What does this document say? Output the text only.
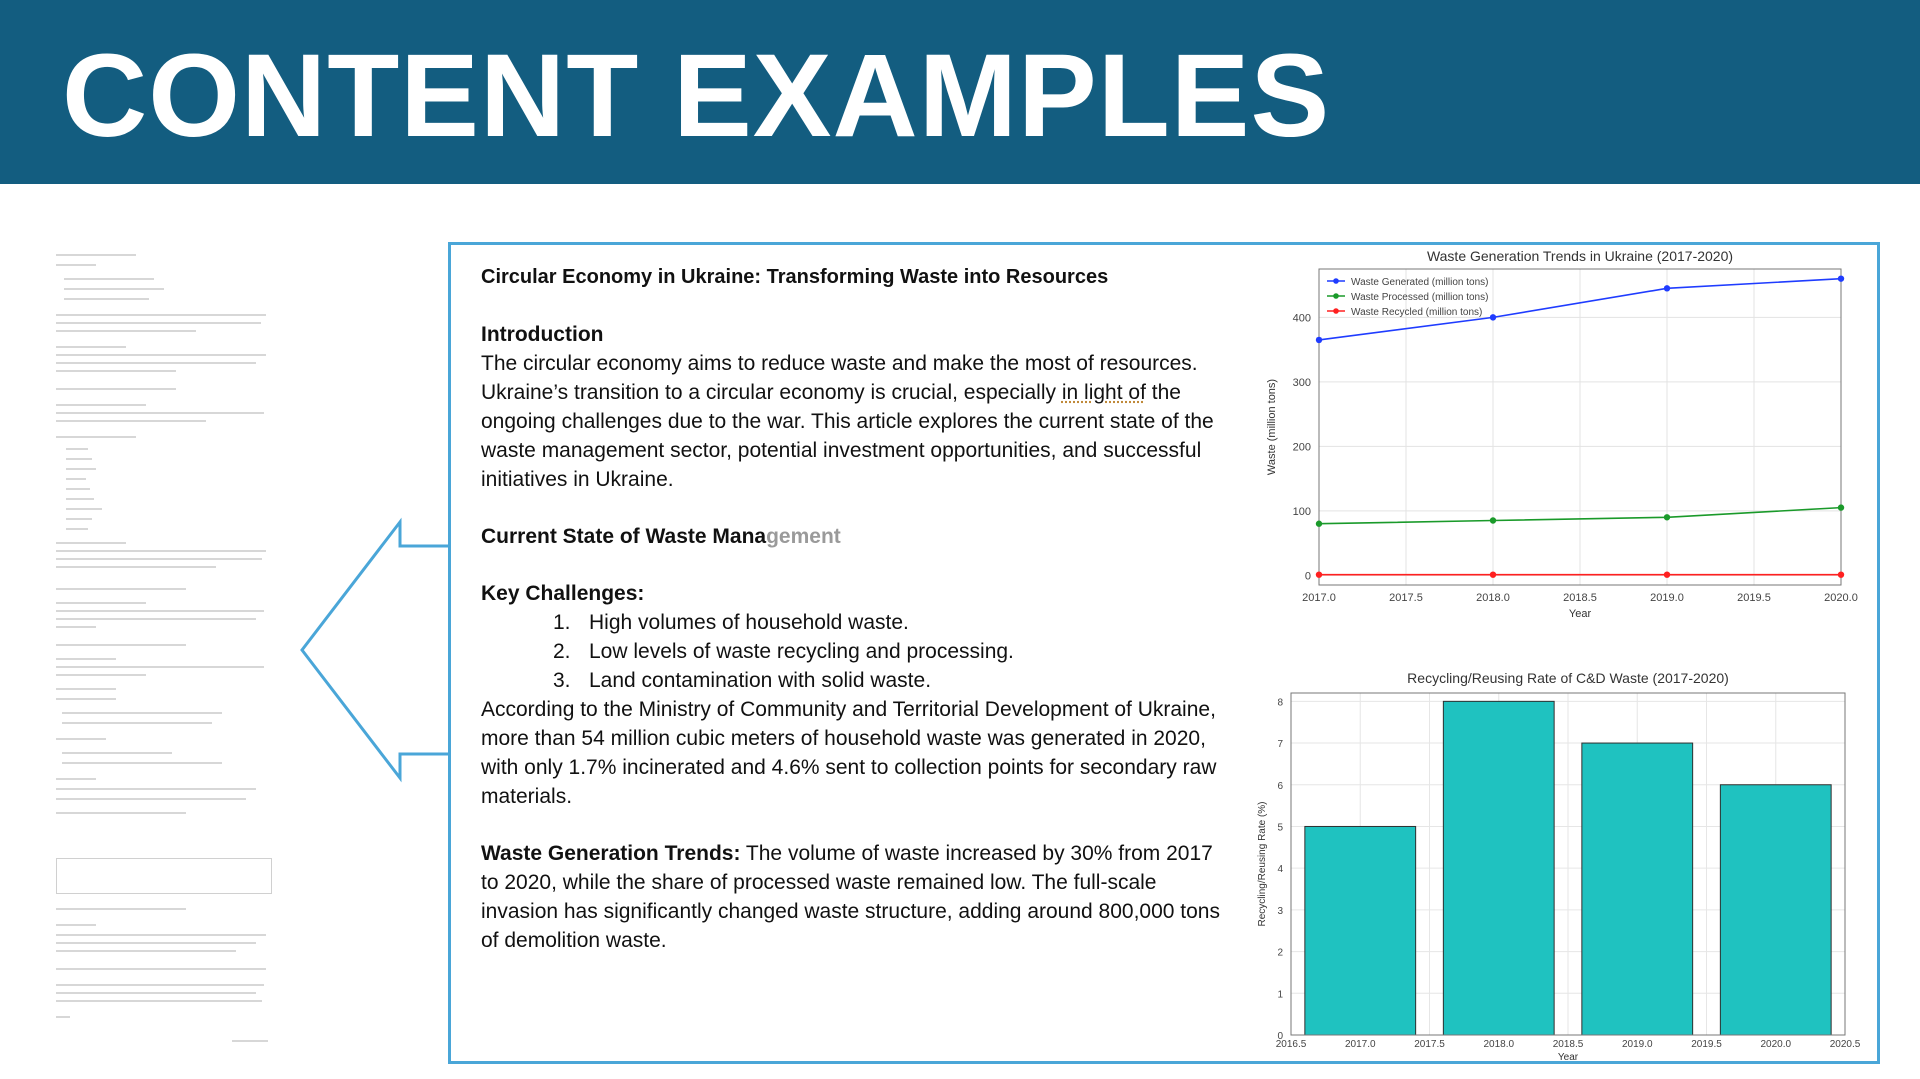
CONTENT EXAMPLES

Circular Economy in Ukraine: Transforming Waste into Resources

Introduction

The circular economy aims to reduce waste and make the most of resources. Ukraine’s transition to a circular economy is crucial, especially in light of the ongoing challenges due to the war. This article explores the current state of the waste management sector, potential investment opportunities, and successful initiatives in Ukraine.

Current State of Waste Management

Key Challenges:

1. High volumes of household waste.
2. Low levels of waste recycling and processing.
3. Land contamination with solid waste.

According to the Ministry of Community and Territorial Development of Ukraine, more than 54 million cubic meters of household waste was generated in 2020, with only 1.7% incinerated and 4.6% sent to collection points for secondary raw materials.

Waste Generation Trends: The volume of waste increased by 30% from 2017 to 2020, while the share of processed waste remained low. The full-scale invasion has significantly changed waste structure, adding around 800,000 tons of demolition waste.

Waste Generation Trends in Ukraine (2017-2020)
2017.0	2017.5	2018.0	2018.5	2019.0	2019.5	2020.0
0
100
200
300
400
Year
Waste (million tons)
Waste Generated (million tons)
Waste Processed (million tons)
Waste Recycled (million tons)
Recycling/Reusing Rate of C&D Waste (2017-2020)
2016.5	2017.0	2017.5	2018.0	2018.5	2019.0	2019.5	2020.0	2020.5
0
1
2
3
4
5
6
7
8
Year
Recycling/Reusing Rate (%)
